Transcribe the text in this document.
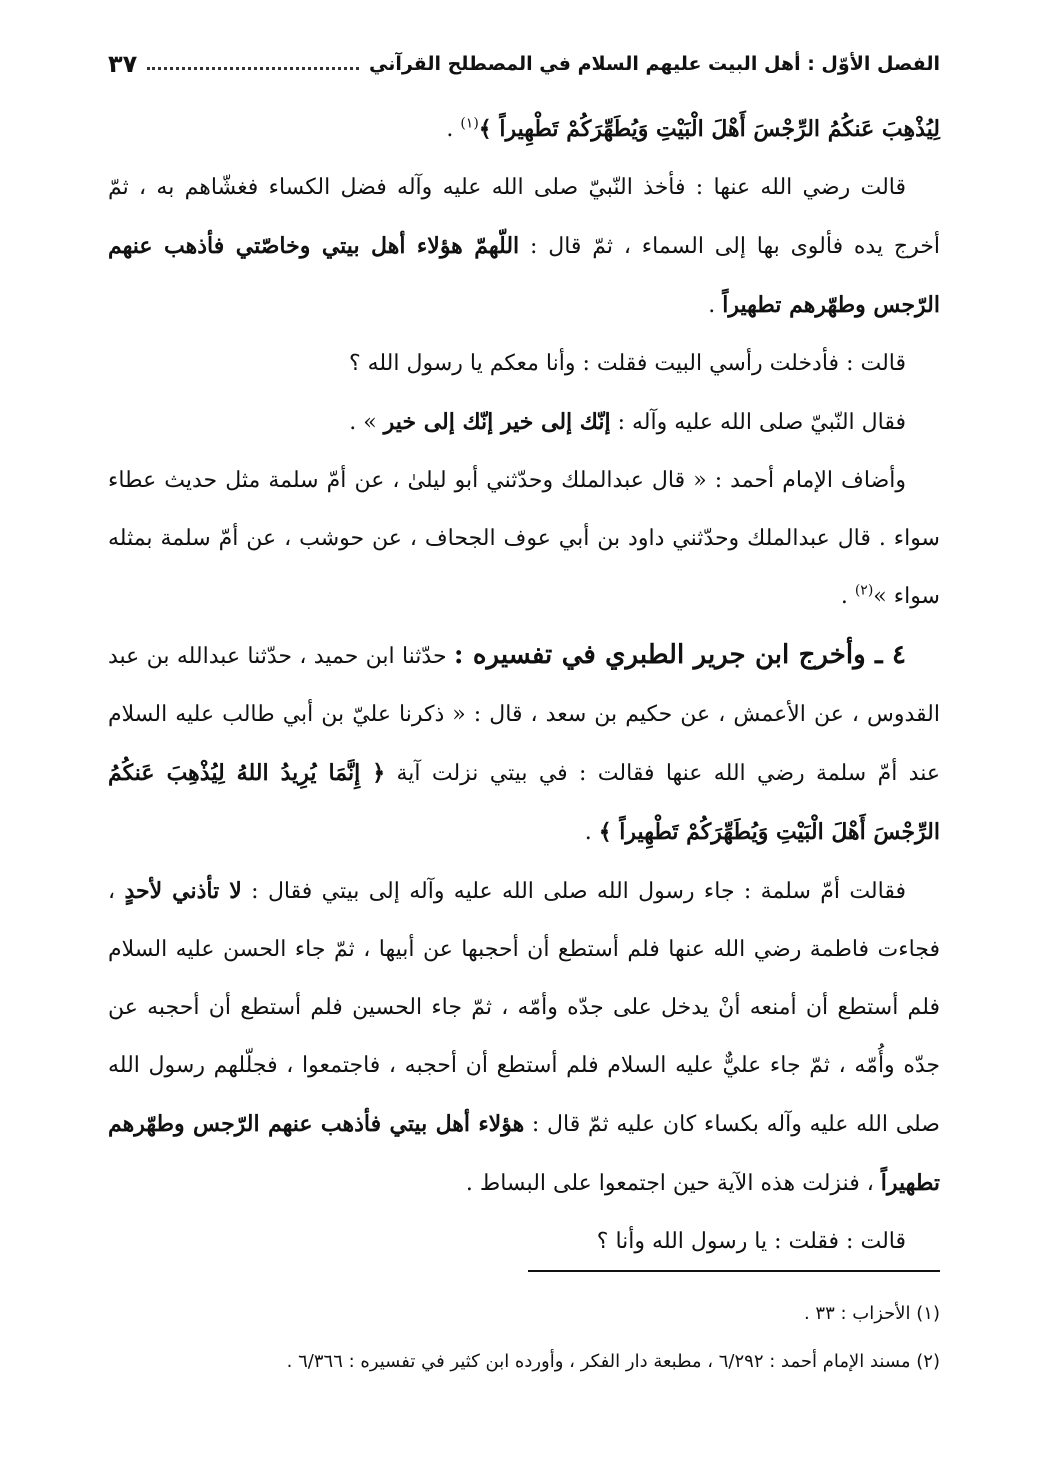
الفصل الأوّل : أهل البيت عليهم السلام في المصطلح القرآني
٣٧

لِيُذْهِبَ عَنكُمُ الرِّجْسَ أَهْلَ الْبَيْتِ وَيُطَهِّرَكُمْ تَطْهِيراً ﴾$^{(١)}$ .

قالت رضي الله عنها : فأخذ النّبيّ صلى الله عليه وآله فضل الكساء فغشّاهم به ، ثمّ أخرج يده فألوى بها إلى السماء ، ثمّ قال : اللّهمّ هؤلاء أهل بيتي وخاصّتي فأذهب عنهم الرّجس وطهّرهم تطهيراً .

قالت : فأدخلت رأسي البيت فقلت : وأنا معكم يا رسول الله ؟

فقال النّبيّ صلى الله عليه وآله : إنّك إلى خير إنّك إلى خير » .

وأضاف الإمام أحمد : « قال عبدالملك وحدّثني أبو ليلىٰ ، عن أمّ سلمة مثل حديث عطاء سواء . قال عبدالملك وحدّثني داود بن أبي عوف الجحاف ، عن حوشب ، عن أمّ سلمة بمثله سواء »$^{(٢)}$ .

٤ ـ وأخرج ابن جرير الطبري في تفسيره : حدّثنا ابن حميد ، حدّثنا عبدالله بن عبد القدوس ، عن الأعمش ، عن حكيم بن سعد ، قال : « ذكرنا عليّ بن أبي طالب عليه السلام عند أمّ سلمة رضي الله عنها فقالت : في بيتي نزلت آية ﴿ إِنَّمَا يُرِيدُ اللهُ لِيُذْهِبَ عَنكُمُ الرِّجْسَ أَهْلَ الْبَيْتِ وَيُطَهِّرَكُمْ تَطْهِيراً ﴾ .

فقالت أمّ سلمة : جاء رسول الله صلى الله عليه وآله إلى بيتي فقال : لا تأذني لأحدٍ ، فجاءت فاطمة رضي الله عنها فلم أستطع أن أحجبها عن أبيها ، ثمّ جاء الحسن عليه السلام فلم أستطع أن أمنعه أنْ يدخل على جدّه وأمّه ، ثمّ جاء الحسين فلم أستطع أن أحجبه عن جدّه وأُمّه ، ثمّ جاء عليٌّ عليه السلام فلم أستطع أن أحجبه ، فاجتمعوا ، فجلّلهم رسول الله صلى الله عليه وآله بكساء كان عليه ثمّ قال : هؤلاء أهل بيتي فأذهب عنهم الرّجس وطهّرهم تطهيراً ، فنزلت هذه الآية حين اجتمعوا على البساط .

قالت : فقلت : يا رسول الله وأنا ؟

(١) الأحزاب : ٣٣ .

(٢) مسند الإمام أحمد : ٦/٢٩٢ ، مطبعة دار الفكر ، وأورده ابن كثير في تفسيره : ٦/٣٦٦ .
